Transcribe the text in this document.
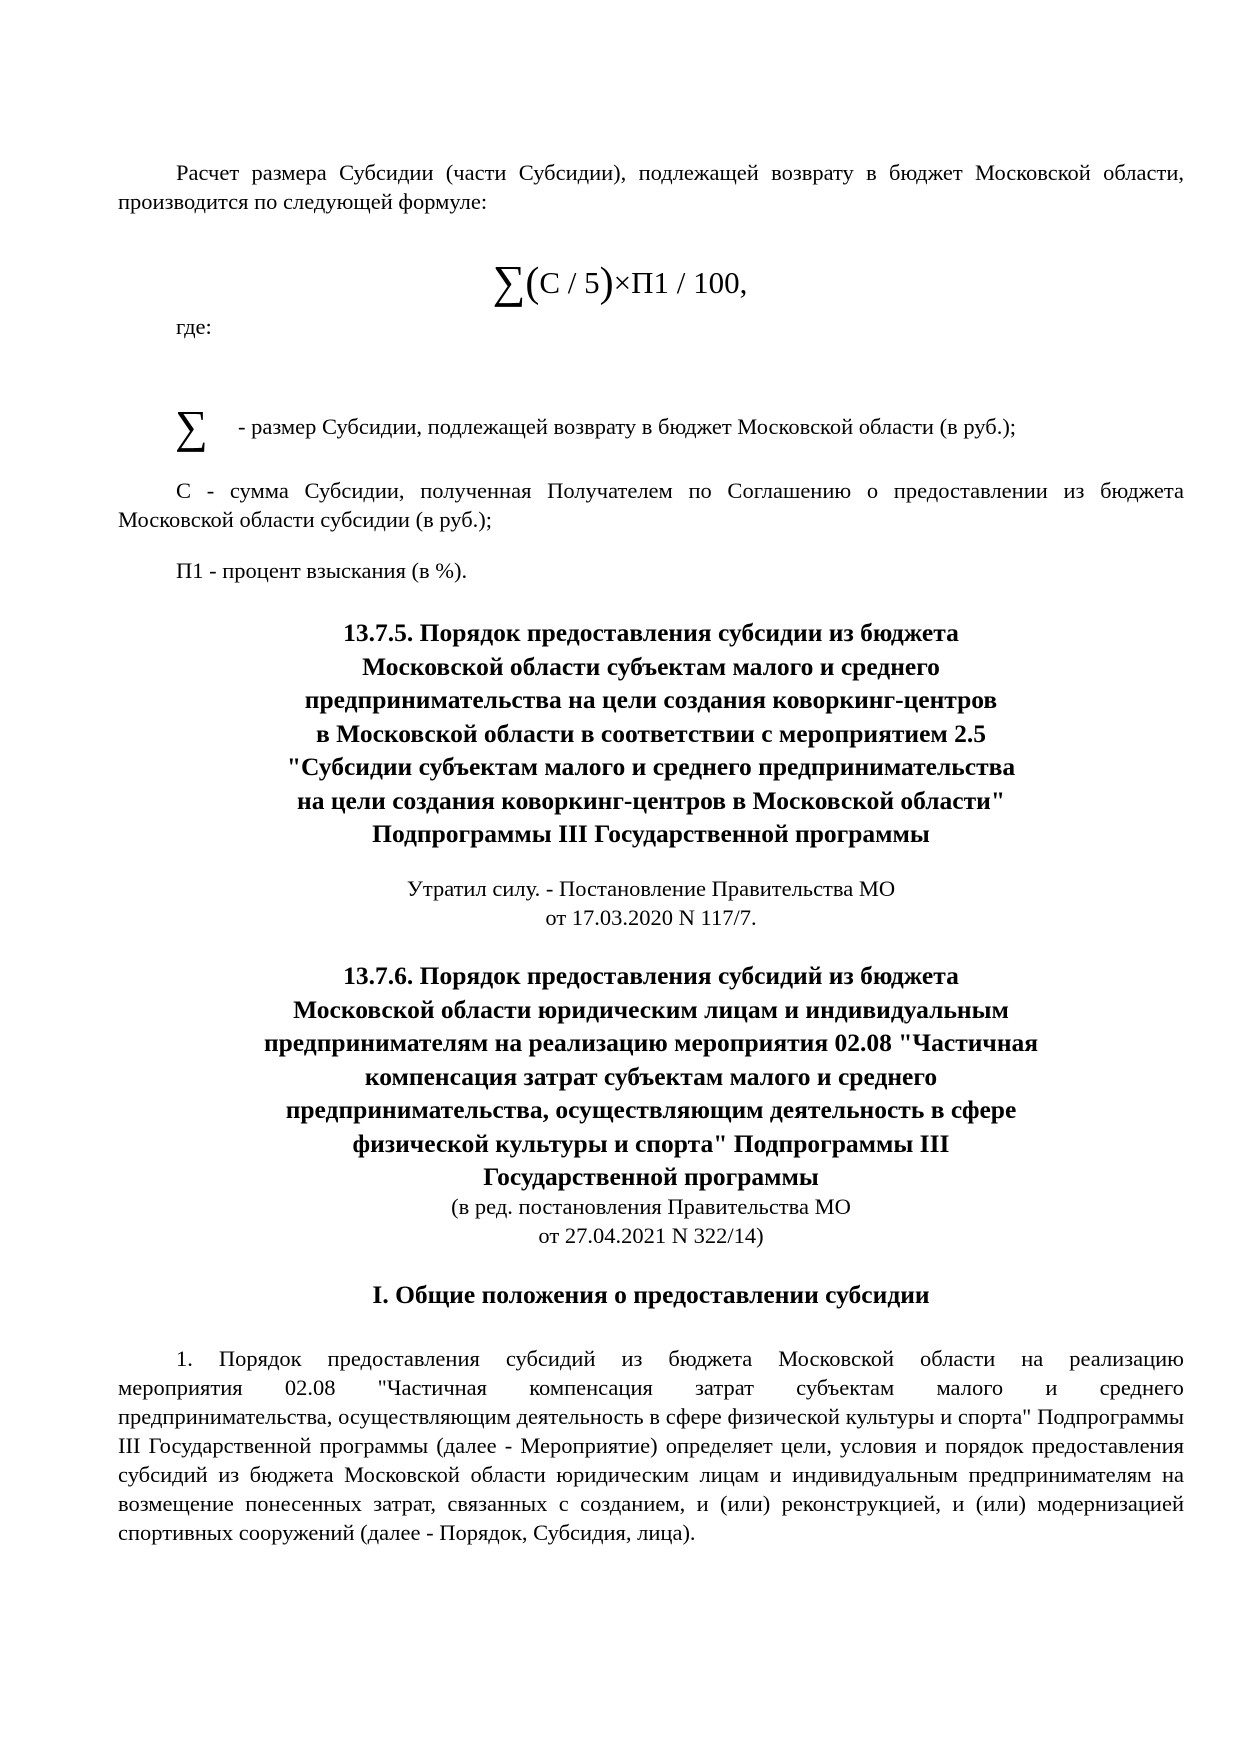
Расчет размера Субсидии (части Субсидии), подлежащей возврату в бюджет Московской области, производится по следующей формуле:

∑(C / 5)×П1 / 100,

где:

∑ - размер Субсидии, подлежащей возврату в бюджет Московской области (в руб.);

С - сумма Субсидии, полученная Получателем по Соглашению о предоставлении из бюджета Московской области субсидии (в руб.);

П1 - процент взыскания (в %).

13.7.5. Порядок предоставления субсидии из бюджета
Московской области субъектам малого и среднего
предпринимательства на цели создания коворкинг-центров
в Московской области в соответствии с мероприятием 2.5
"Субсидии субъектам малого и среднего предпринимательства
на цели создания коворкинг-центров в Московской области"
Подпрограммы III Государственной программы
Утратил силу. - Постановление Правительства МО
от 17.03.2020 N 117/7.
13.7.6. Порядок предоставления субсидий из бюджета
Московской области юридическим лицам и индивидуальным
предпринимателям на реализацию мероприятия 02.08 "Частичная
компенсация затрат субъектам малого и среднего
предпринимательства, осуществляющим деятельность в сфере
физической культуры и спорта" Подпрограммы III
Государственной программы
(в ред. постановления Правительства МО
от 27.04.2021 N 322/14)
I. Общие положения о предоставлении субсидии
1. Порядок предоставления субсидий из бюджета Московской области на реализацию
мероприятия 02.08 "Частичная компенсация затрат субъектам малого и среднего
предпринимательства, осуществляющим деятельность в сфере физической культуры и спорта" Подпрограммы III Государственной программы (далее - Мероприятие) определяет цели, условия и порядок предоставления субсидий из бюджета Московской области юридическим лицам и индивидуальным предпринимателям на возмещение понесенных затрат, связанных с созданием, и (или) реконструкцией, и (или) модернизацией спортивных сооружений (далее - Порядок, Субсидия, лица).
